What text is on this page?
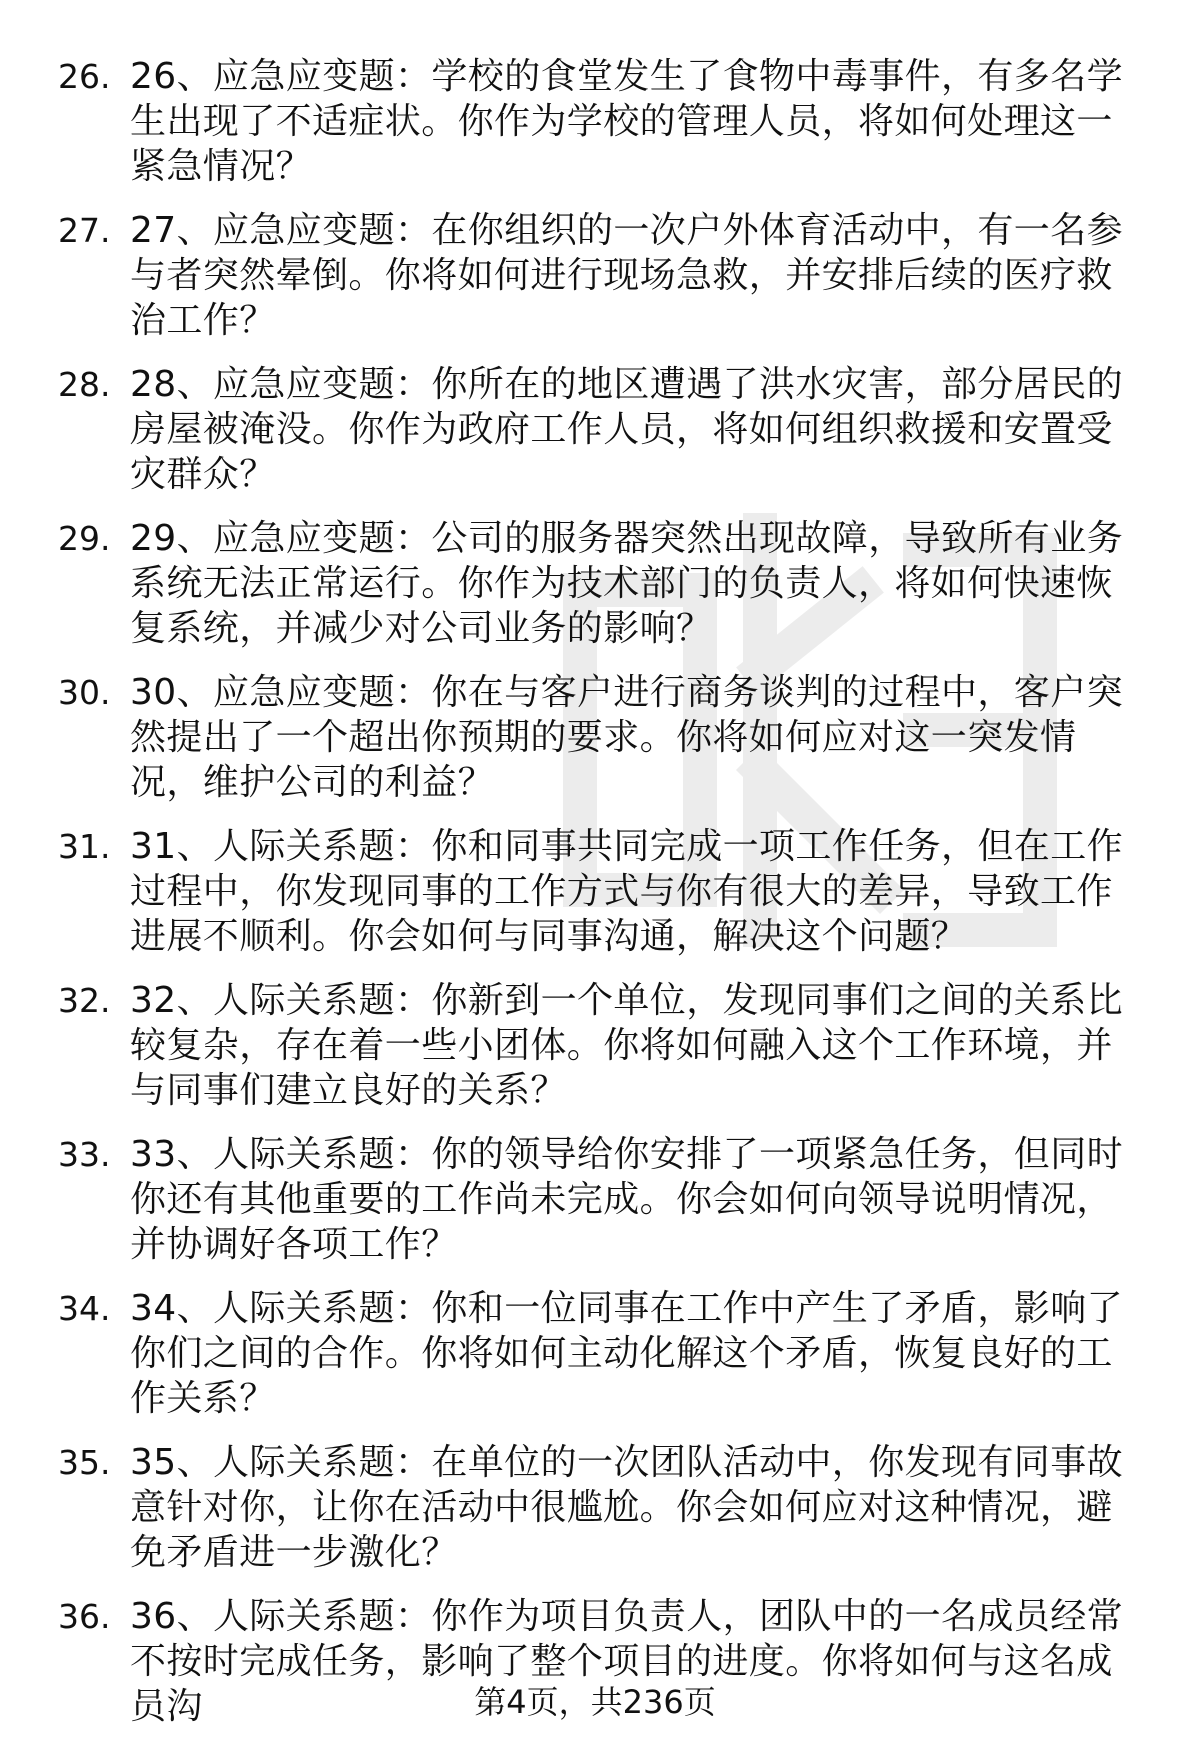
26. 26、应急应变题：学校的食堂发生了食物中毒事件，有多名学生出现了不适症状。你作为学校的管理人员，将如何处理这一紧急情况？
27. 27、应急应变题：在你组织的一次户外体育活动中，有一名参与者突然晕倒。你将如何进行现场急救，并安排后续的医疗救治工作？
28. 28、应急应变题：你所在的地区遭遇了洪水灾害，部分居民的房屋被淹没。你作为政府工作人员，将如何组织救援和安置受灾群众？
29. 29、应急应变题：公司的服务器突然出现故障，导致所有业务系统无法正常运行。你作为技术部门的负责人，将如何快速恢复系统，并减少对公司业务的影响？
30. 30、应急应变题：你在与客户进行商务谈判的过程中，客户突然提出了一个超出你预期的要求。你将如何应对这一突发情况，维护公司的利益？
31. 31、人际关系题：你和同事共同完成一项工作任务，但在工作过程中，你发现同事的工作方式与你有很大的差异，导致工作进展不顺利。你会如何与同事沟通，解决这个问题？
32. 32、人际关系题：你新到一个单位，发现同事们之间的关系比较复杂，存在着一些小团体。你将如何融入这个工作环境，并与同事们建立良好的关系？
33. 33、人际关系题：你的领导给你安排了一项紧急任务，但同时你还有其他重要的工作尚未完成。你会如何向领导说明情况，并协调好各项工作？
34. 34、人际关系题：你和一位同事在工作中产生了矛盾，影响了你们之间的合作。你将如何主动化解这个矛盾，恢复良好的工作关系？
35. 35、人际关系题：在单位的一次团队活动中，你发现有同事故意针对你，让你在活动中很尴尬。你会如何应对这种情况，避免矛盾进一步激化？
36. 36、人际关系题：你作为项目负责人，团队中的一名成员经常不按时完成任务，影响了整个项目的进度。你将如何与这名成员沟	第4页，共236页
